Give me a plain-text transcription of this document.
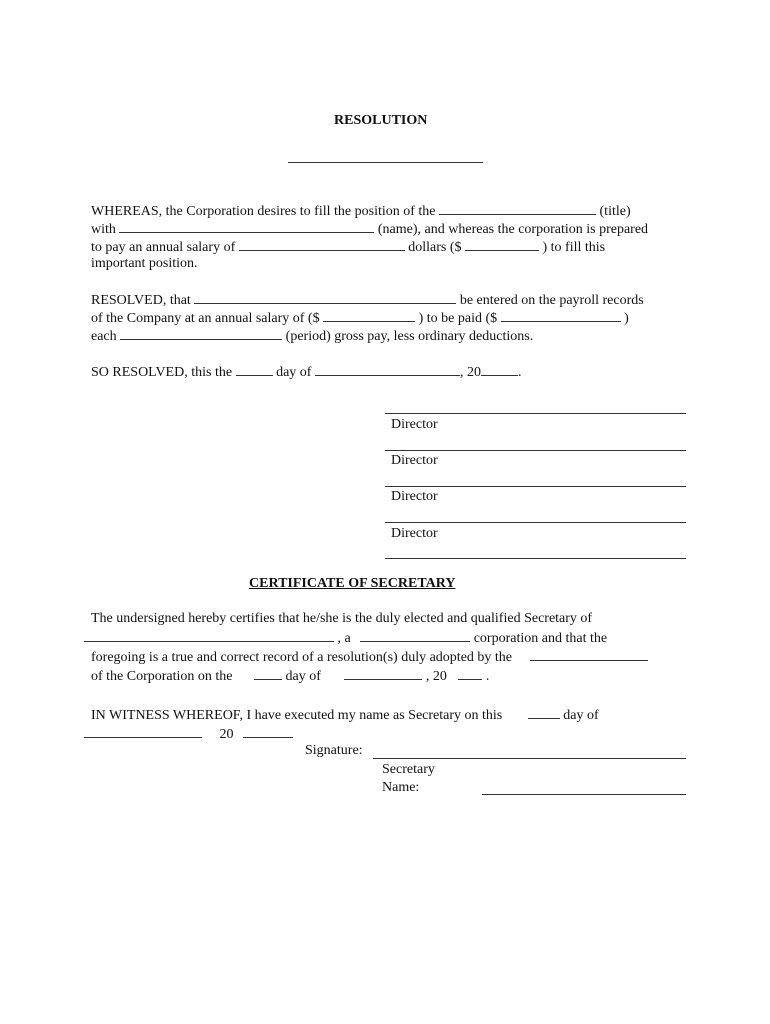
RESOLUTION
WHEREAS, the Corporation desires to fill the position of the	(title)
with	(name), and whereas the corporation is prepared
to pay an annual salary of	dollars ($	) to fill this
important position.
RESOLVED, that	be entered on the payroll records
of the Company at an annual salary of ($	) to be paid ($	)
each	(period) gross pay, less ordinary deductions.
SO RESOLVED, this the	day of	, 20	.
Director
Director
Director
Director
CERTIFICATE OF SECRETARY
The undersigned hereby certifies that he/she is the duly elected and qualified Secretary of
, a	corporation and that the
foregoing is a true and correct record of a resolution(s) duly adopted by the
of the Corporation on the	day of	, 20	.
IN WITNESS WHEREOF, I have executed my name as Secretary on this	day of
20
Signature:
Secretary
Name:
